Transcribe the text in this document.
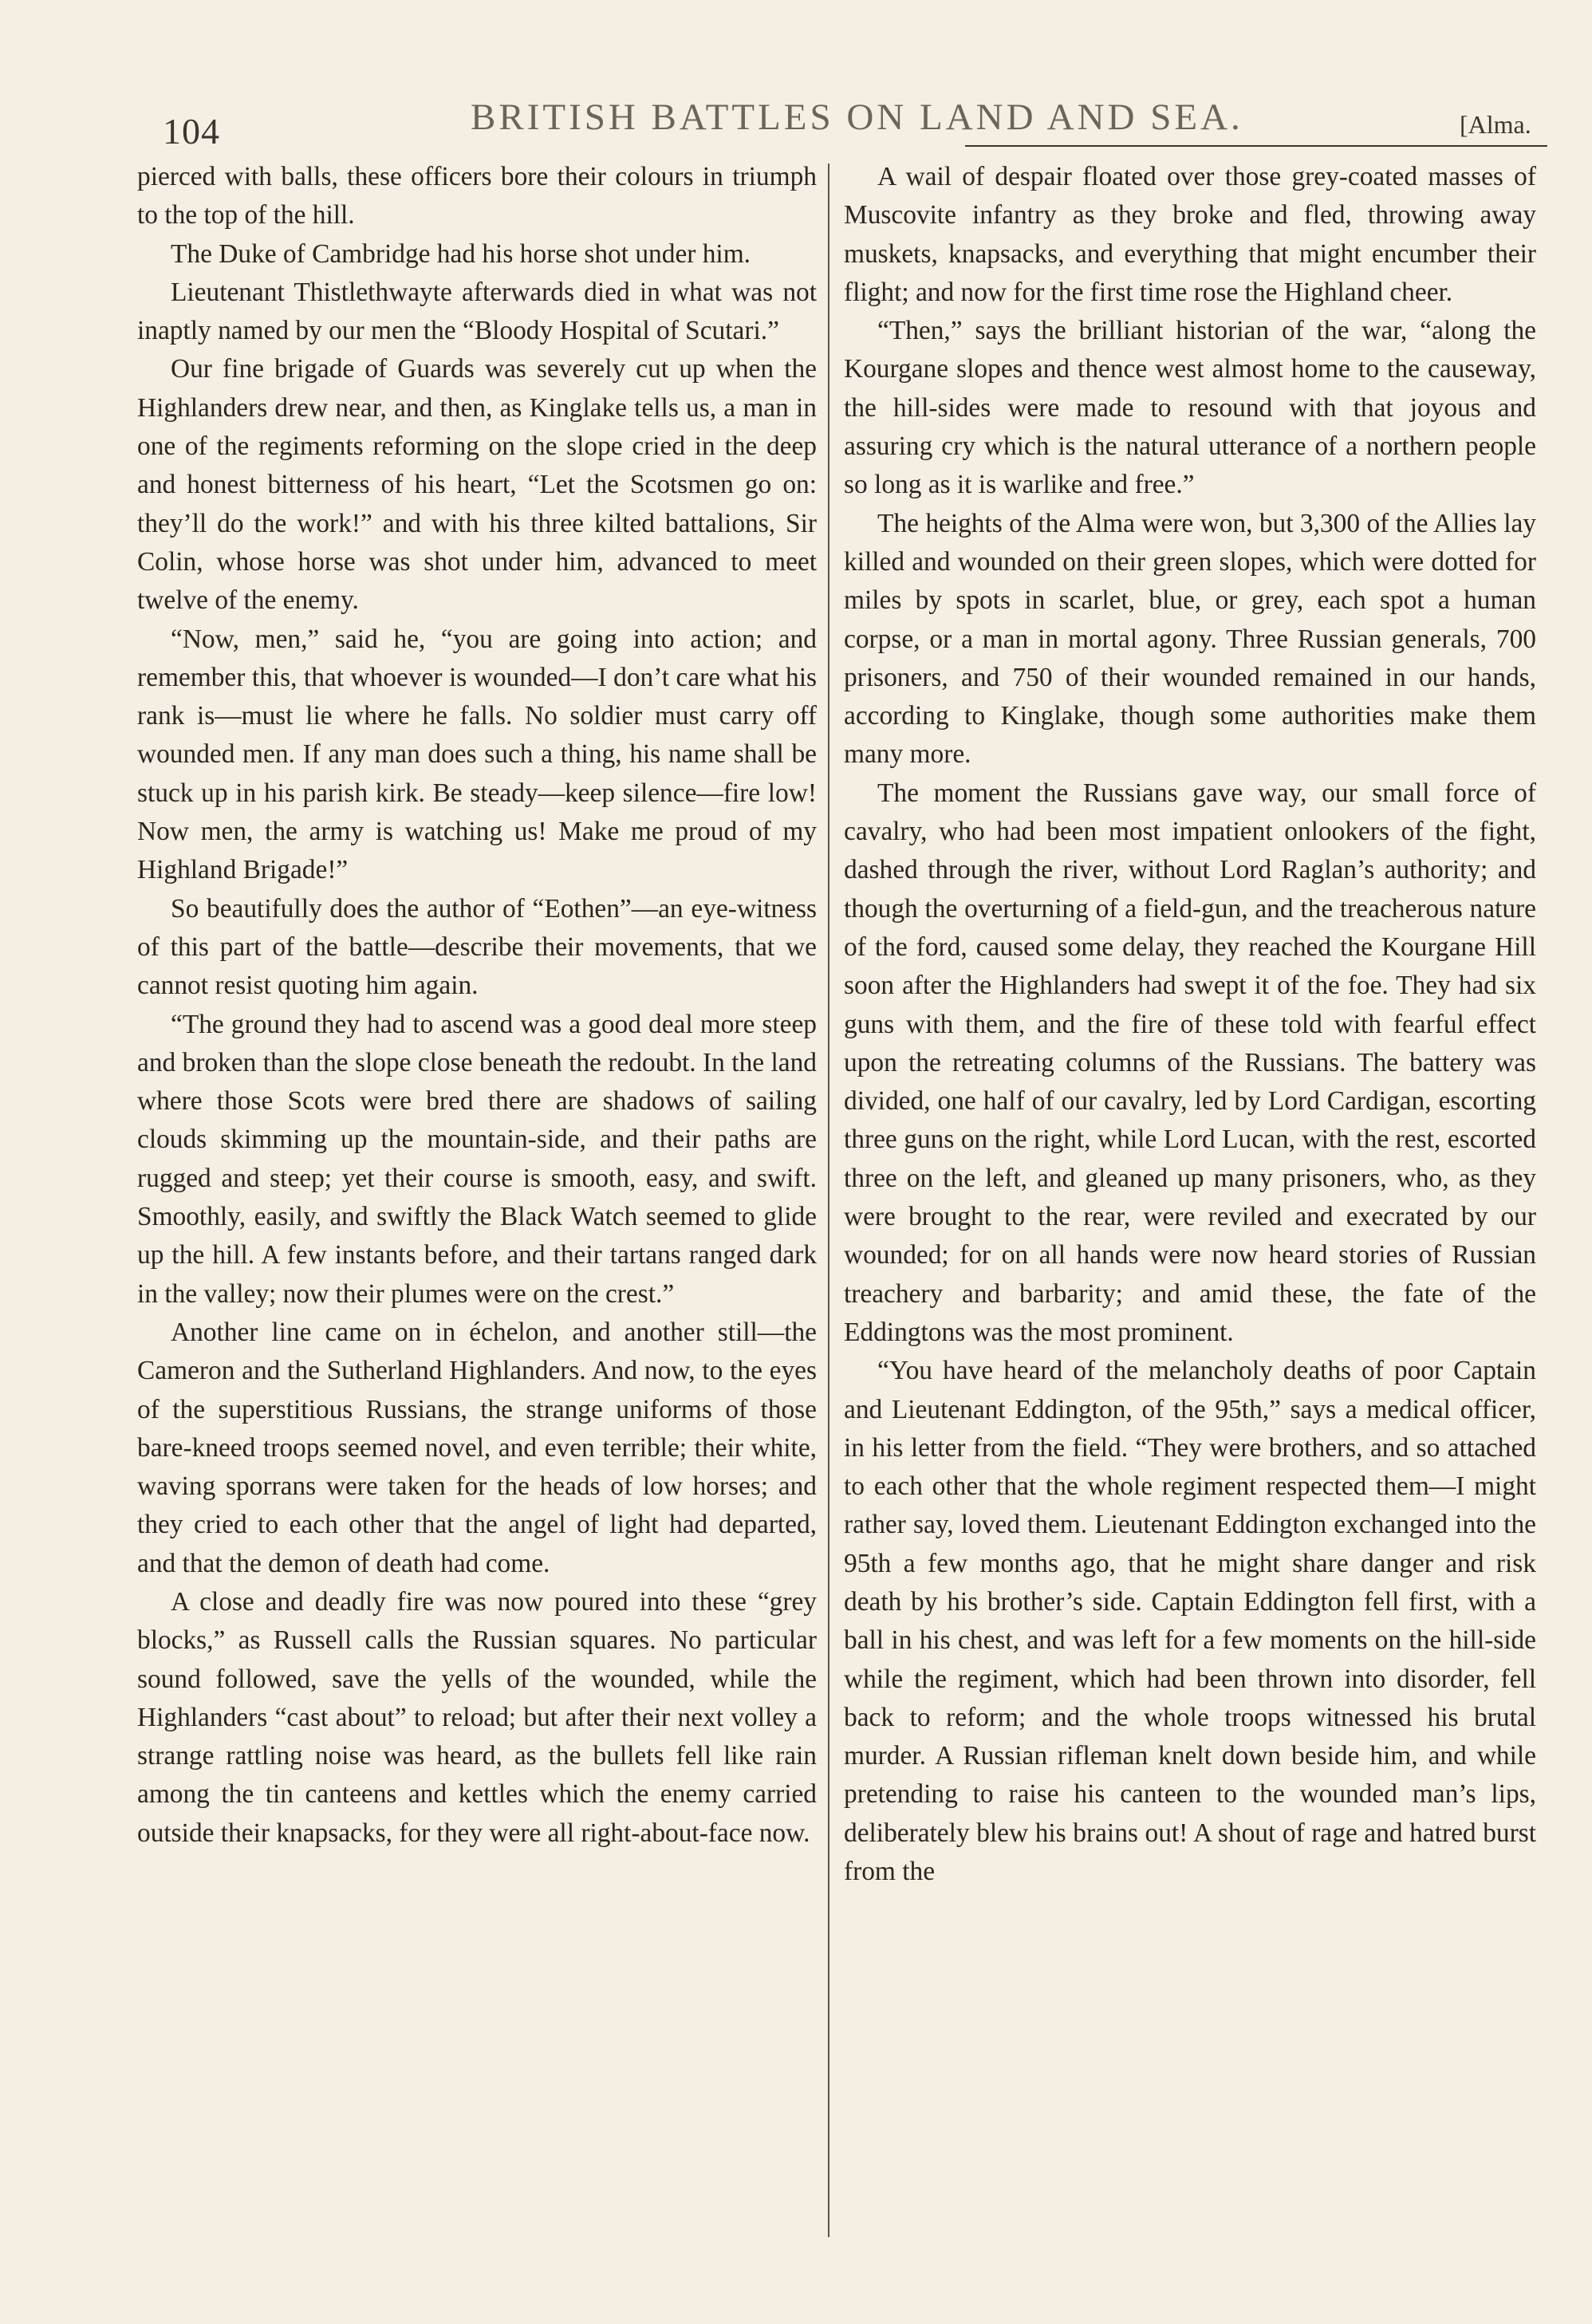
104	BRITISH BATTLES ON LAND AND SEA.	[Alma.

pierced with balls, these officers bore their colours in triumph to the top of the hill.

The Duke of Cambridge had his horse shot under him.

Lieutenant Thistlethwayte afterwards died in what was not inaptly named by our men the “Bloody Hospital of Scutari.”

Our fine brigade of Guards was severely cut up when the Highlanders drew near, and then, as Kinglake tells us, a man in one of the regiments reforming on the slope cried in the deep and honest bitterness of his heart, “Let the Scotsmen go on: they’ll do the work!” and with his three kilted battalions, Sir Colin, whose horse was shot under him, advanced to meet twelve of the enemy.

“Now, men,” said he, “you are going into action; and remember this, that whoever is wounded—I don’t care what his rank is—must lie where he falls. No soldier must carry off wounded men. If any man does such a thing, his name shall be stuck up in his parish kirk. Be steady—keep silence—fire low! Now men, the army is watching us! Make me proud of my Highland Brigade!”

So beautifully does the author of “Eothen”—an eye-witness of this part of the battle—describe their movements, that we cannot resist quoting him again.

“The ground they had to ascend was a good deal more steep and broken than the slope close beneath the redoubt. In the land where those Scots were bred there are shadows of sailing clouds skimming up the mountain-side, and their paths are rugged and steep; yet their course is smooth, easy, and swift. Smoothly, easily, and swiftly the Black Watch seemed to glide up the hill. A few instants before, and their tartans ranged dark in the valley; now their plumes were on the crest.”

Another line came on in échelon, and another still—the Cameron and the Sutherland Highlanders. And now, to the eyes of the superstitious Russians, the strange uniforms of those bare-kneed troops seemed novel, and even terrible; their white, waving sporrans were taken for the heads of low horses; and they cried to each other that the angel of light had departed, and that the demon of death had come.

A close and deadly fire was now poured into these “grey blocks,” as Russell calls the Russian squares. No particular sound followed, save the yells of the wounded, while the Highlanders “cast about” to reload; but after their next volley a strange rattling noise was heard, as the bullets fell like rain among the tin canteens and kettles which the enemy carried outside their knapsacks, for they were all right-about-face now.

A wail of despair floated over those grey-coated masses of Muscovite infantry as they broke and fled, throwing away muskets, knapsacks, and everything that might encumber their flight; and now for the first time rose the Highland cheer.

“Then,” says the brilliant historian of the war, “along the Kourgane slopes and thence west almost home to the causeway, the hill-sides were made to resound with that joyous and assuring cry which is the natural utterance of a northern people so long as it is warlike and free.”

The heights of the Alma were won, but 3,300 of the Allies lay killed and wounded on their green slopes, which were dotted for miles by spots in scarlet, blue, or grey, each spot a human corpse, or a man in mortal agony. Three Russian generals, 700 prisoners, and 750 of their wounded remained in our hands, according to Kinglake, though some authorities make them many more.

The moment the Russians gave way, our small force of cavalry, who had been most impatient onlookers of the fight, dashed through the river, without Lord Raglan’s authority; and though the overturning of a field-gun, and the treacherous nature of the ford, caused some delay, they reached the Kourgane Hill soon after the Highlanders had swept it of the foe. They had six guns with them, and the fire of these told with fearful effect upon the retreating columns of the Russians. The battery was divided, one half of our cavalry, led by Lord Cardigan, escorting three guns on the right, while Lord Lucan, with the rest, escorted three on the left, and gleaned up many prisoners, who, as they were brought to the rear, were reviled and execrated by our wounded; for on all hands were now heard stories of Russian treachery and barbarity; and amid these, the fate of the Eddingtons was the most prominent.

“You have heard of the melancholy deaths of poor Captain and Lieutenant Eddington, of the 95th,” says a medical officer, in his letter from the field. “They were brothers, and so attached to each other that the whole regiment respected them—I might rather say, loved them. Lieutenant Eddington exchanged into the 95th a few months ago, that he might share danger and risk death by his brother’s side. Captain Eddington fell first, with a ball in his chest, and was left for a few moments on the hill-side while the regiment, which had been thrown into disorder, fell back to reform; and the whole troops witnessed his brutal murder. A Russian rifleman knelt down beside him, and while pretending to raise his canteen to the wounded man’s lips, deliberately blew his brains out! A shout of rage and hatred burst from the
